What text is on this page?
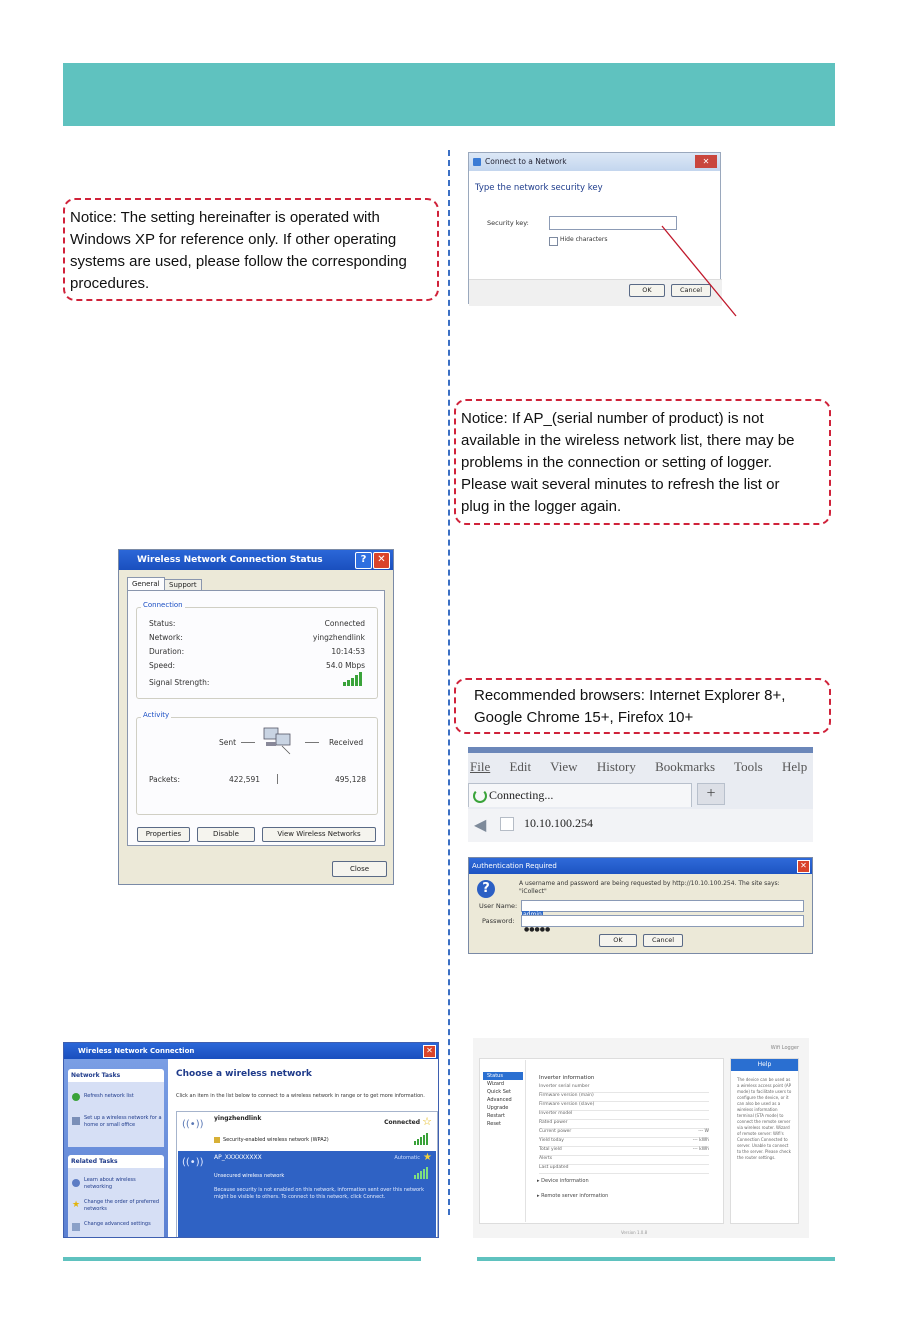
Notice: The setting hereinafter is operated with
Windows XP for reference only. If other operating
systems are used, please follow the corresponding
procedures.
Connect to a Network	✕
Type the network security key
Security key:
Hide characters
OK	Cancel
Notice: If AP_(serial number of product) is not
available in the wireless network list, there may be
problems in the connection or setting of logger.
Please wait several minutes to refresh the list or
plug in the logger again.
Wireless Network Connection Status	?	✕
General	Support
Connection
Status:	Connected
Network:	yingzhendlink
Duration:	10:14:53
Speed:	54.0 Mbps
Signal Strength:
Activity
Sent	Received
Packets:	422,591	495,128
Properties	Disable	View Wireless Networks
Close
Recommended browsers: Internet Explorer 8+,
Google Chrome 15+, Firefox 10+
File Edit View History Bookmarks Tools Help
Connecting...	+
◀	10.10.100.254
Authentication Required	✕
?	A username and password are being requested by http://10.10.100.254. The site says: "iCollect"
User Name:
Password:
●●●●●
OK	Cancel
Wireless Network Connection	✕
Network Tasks
Refresh network list
Set up a wireless network for a home or small office
Related Tasks
Learn about wireless networking
★ Change the order of preferred networks
Change advanced settings
Choose a wireless network
Click an item in the list below to connect to a wireless network in range or to get more information.
((•))
yingzhendlink
Connected ☆
Security-enabled wireless network (WPA2)
((•)) AP_XXXXXXXXX	Automatic ★
Unsecured wireless network
Because security is not enabled on this network, information sent over this network might be visible to others. To connect to this network, click Connect.
Wifi Logger
Status
Wizard
Quick Set
Advanced
Upgrade
Restart
Reset
Inverter information
Inverter serial number
Firmware version (main)
Firmware version (slave)
Inverter model
Rated power
Current power	--- W
Yield today	--- kWh
Total yield	--- kWh
Alerts
Last updated
▸ Device information
▸ Remote server information
Help
The device can be used as a wireless access point (AP mode) to facilitate users to configure the device, or it can also be used as a wireless information terminal (STA mode) to connect the remote server via wireless router. Wizard of remote server: Wifi's Connection Connected to server. Unable to connect to the server. Please check the router settings.
Version 1.0.8
